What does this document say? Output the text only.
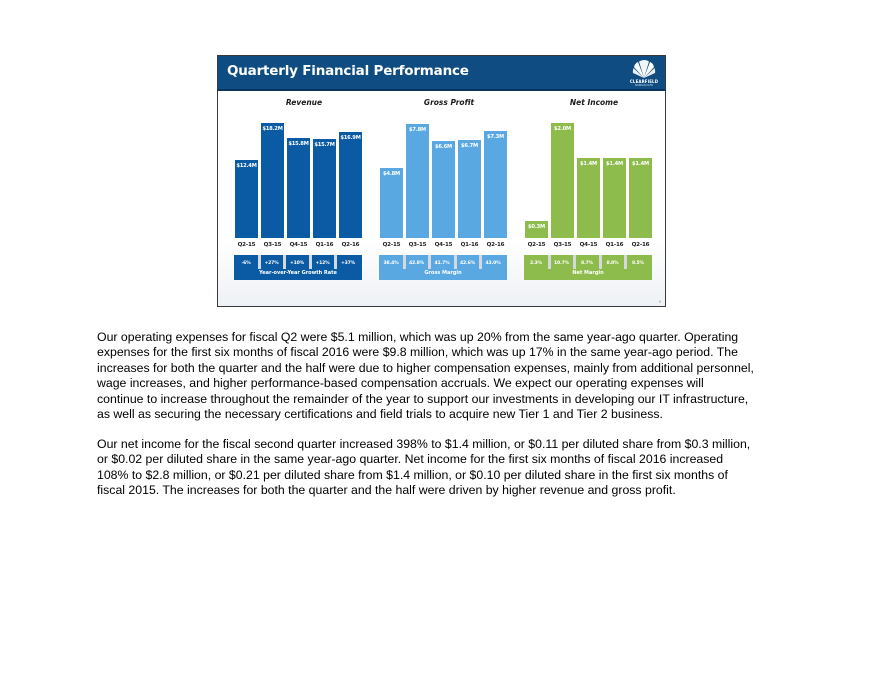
Quarterly Financial Performance
CLEARFIELD
NASDAQ:CLFD
Revenue
$12.4M
Q2-15
$18.2M
Q3-15
$15.8M
Q4-15
$15.7M
Q1-16
$16.9M
Q2-16
-6%	+27%	+10%	+12%	+37%
Year-over-Year Growth Rate
Gross Profit
$4.8M
Q2-15
$7.8M
Q3-15
$6.6M
Q4-15
$6.7M
Q1-16
$7.3M
Q2-16
38.4%	42.8%	41.7%	42.6%	43.0%
Gross Margin
Net Income
$0.3M
Q2-15
$2.0M
Q3-15
$1.4M
Q4-15
$1.4M
Q1-16
$1.4M
Q2-16
2.3%	10.7%	8.7%	8.8%	8.5%
Net Margin
9

Our operating expenses for fiscal Q2 were $5.1 million, which was up 20% from the same year-ago quarter. Operating
expenses for the first six months of fiscal 2016 were $9.8 million, which was up 17% in the same year-ago period. The
increases for both the quarter and the half were due to higher compensation expenses, mainly from additional personnel,
wage increases, and higher performance-based compensation accruals. We expect our operating expenses will
continue to increase throughout the remainder of the year to support our investments in developing our IT infrastructure,
as well as securing the necessary certifications and field trials to acquire new Tier 1 and Tier 2 business.

Our net income for the fiscal second quarter increased 398% to $1.4 million, or $0.11 per diluted share from $0.3 million,
or $0.02 per diluted share in the same year-ago quarter. Net income for the first six months of fiscal 2016 increased
108% to $2.8 million, or $0.21 per diluted share from $1.4 million, or $0.10 per diluted share in the first six months of
fiscal 2015. The increases for both the quarter and the half were driven by higher revenue and gross profit.
